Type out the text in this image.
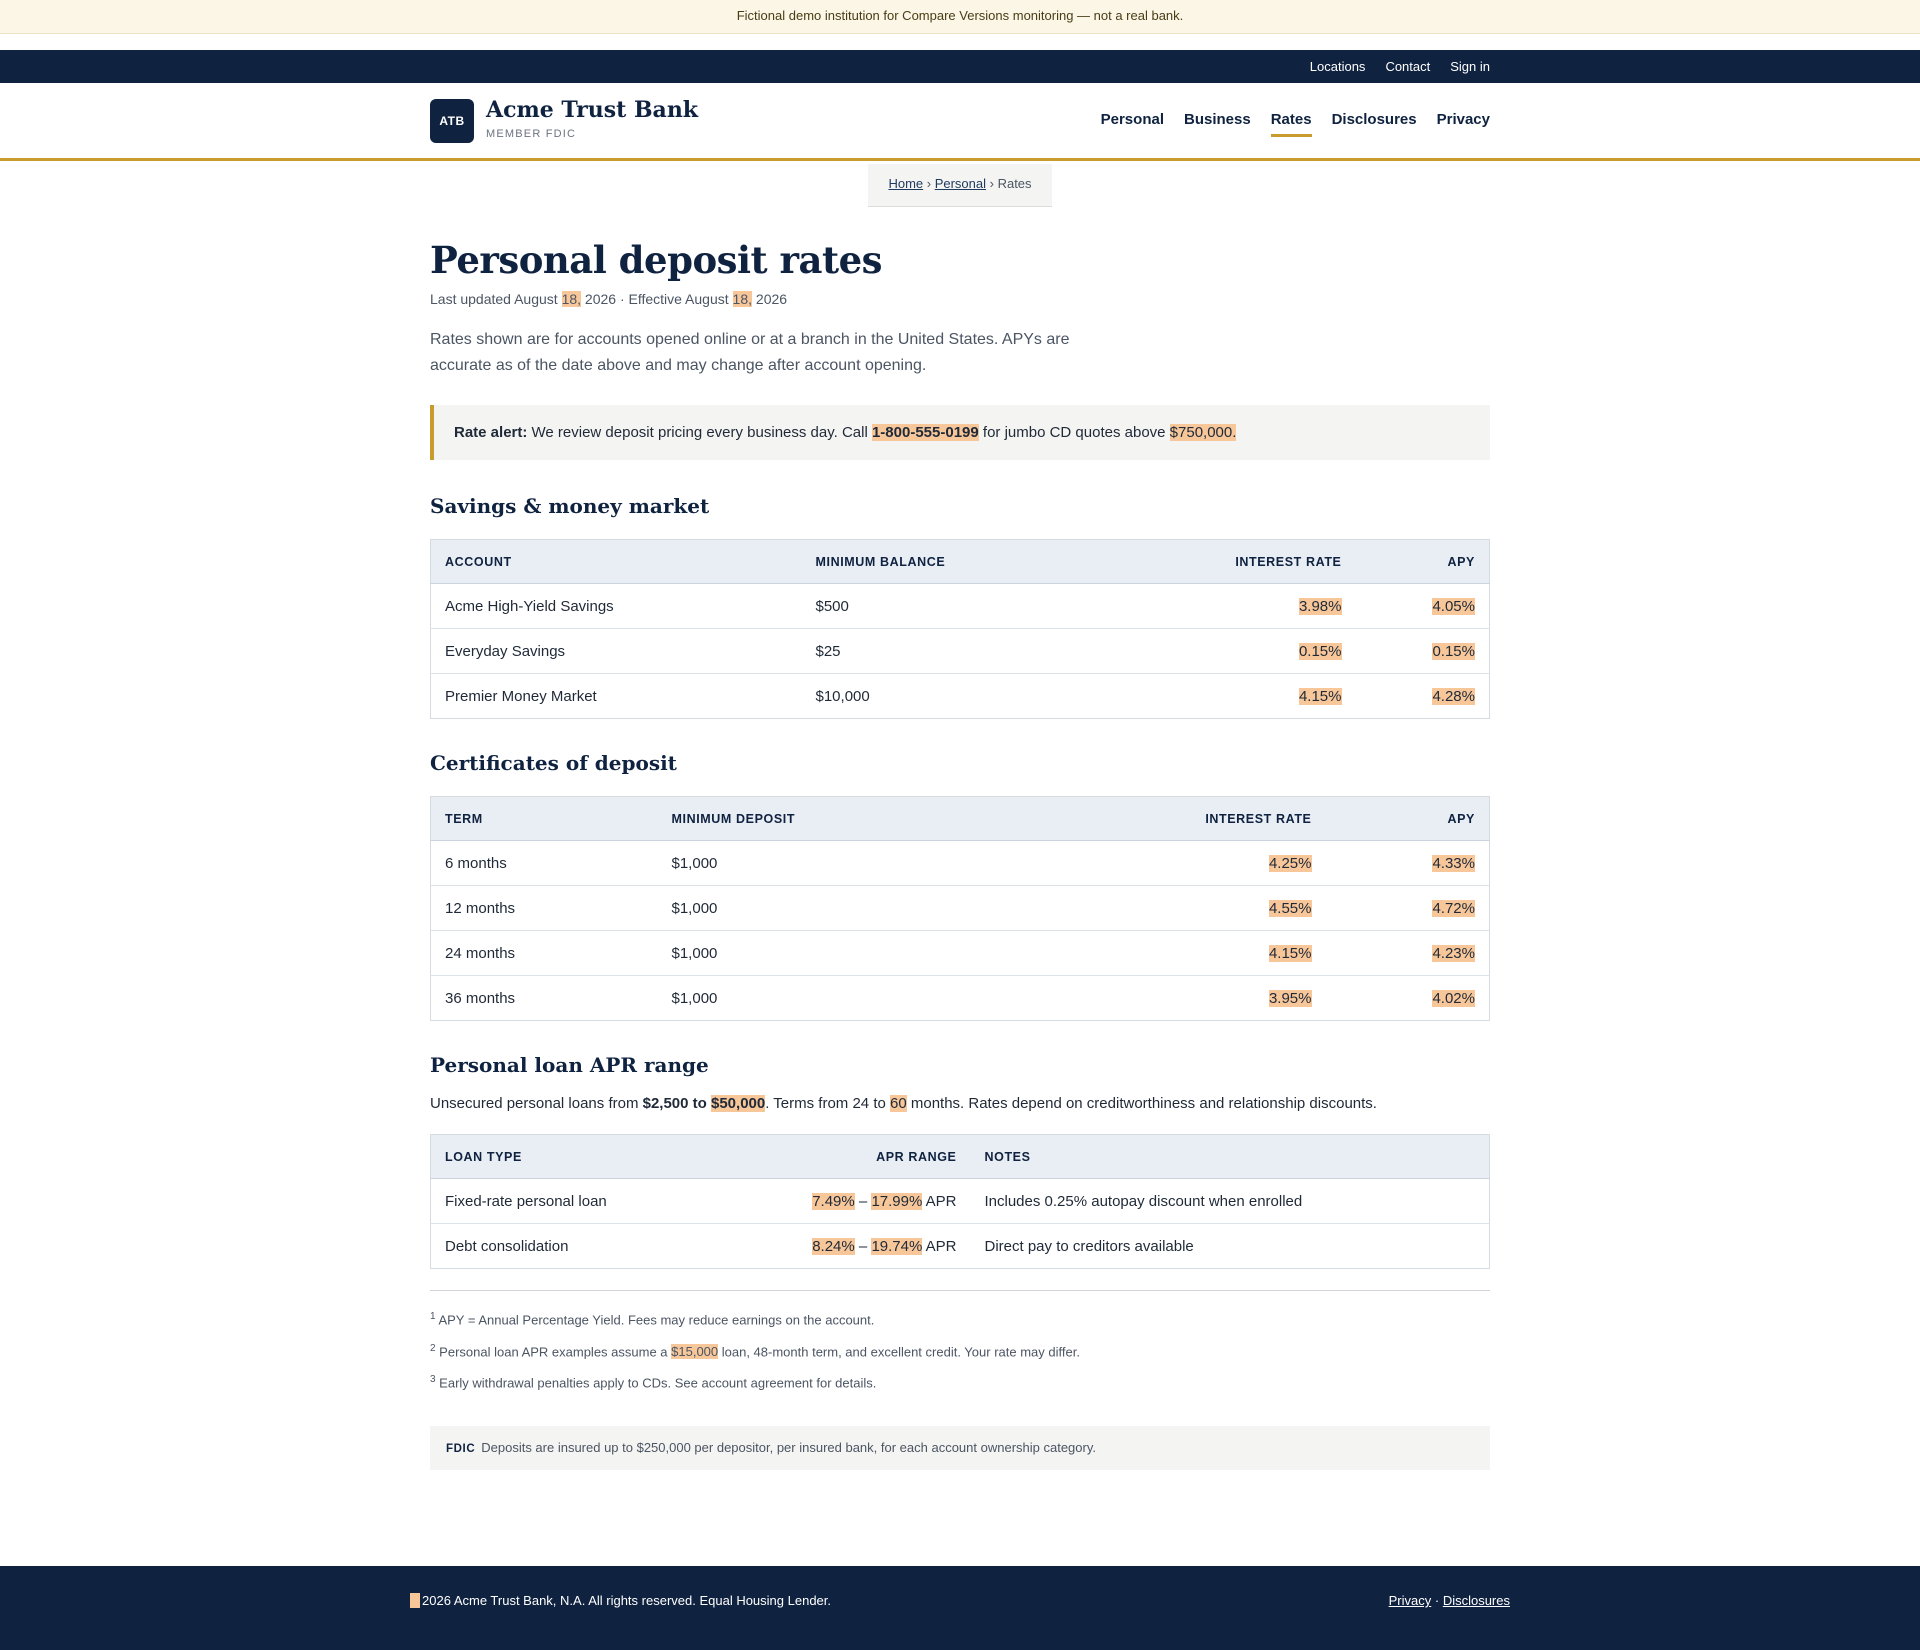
Fictional demo institution for Compare Versions monitoring — not a real bank.
Locations Contact Sign in
ATB Acme Trust Bank
MEMBER FDIC
Personal Business Rates Disclosures Privacy
Home › Personal › Rates
Personal deposit rates
Last updated August 18, 2026 · Effective August 18, 2026

Rates shown are for accounts opened online or at a branch in the United States. APYs are accurate as of the date above and may change after account opening.

Rate alert: We review deposit pricing every business day. Call 1-800-555-0199 for jumbo CD quotes above $750,000.
Savings & money market
ACCOUNT	MINIMUM BALANCE	INTEREST RATE	APY
Acme High-Yield Savings	$500	3.98%	4.05%
Everyday Savings	$25	0.15%	0.15%
Premier Money Market	$10,000	4.15%	4.28%
Certificates of deposit
TERM	MINIMUM DEPOSIT	INTEREST RATE	APY
6 months	$1,000	4.25%	4.33%
12 months	$1,000	4.55%	4.72%
24 months	$1,000	4.15%	4.23%
36 months	$1,000	3.95%	4.02%
Personal loan APR range
Unsecured personal loans from $2,500 to $50,000. Terms from 24 to 60 months. Rates depend on creditworthiness and relationship discounts.
LOAN TYPE	APR RANGE	NOTES
Fixed-rate personal loan	7.49% – 17.99% APR	Includes 0.25% autopay discount when enrolled
Debt consolidation	8.24% – 19.74% APR	Direct pay to creditors available
$^1$ APY = Annual Percentage Yield. Fees may reduce earnings on the account.
$^2$ Personal loan APR examples assume a $15,000 loan, 48-month term, and excellent credit. Your rate may differ.
$^3$ Early withdrawal penalties apply to CDs. See account agreement for details.
FDIC Deposits are insured up to $250,000 per depositor, per insured bank, for each account ownership category.
2026 Acme Trust Bank, N.A. All rights reserved. Equal Housing Lender.	Privacy · Disclosures
